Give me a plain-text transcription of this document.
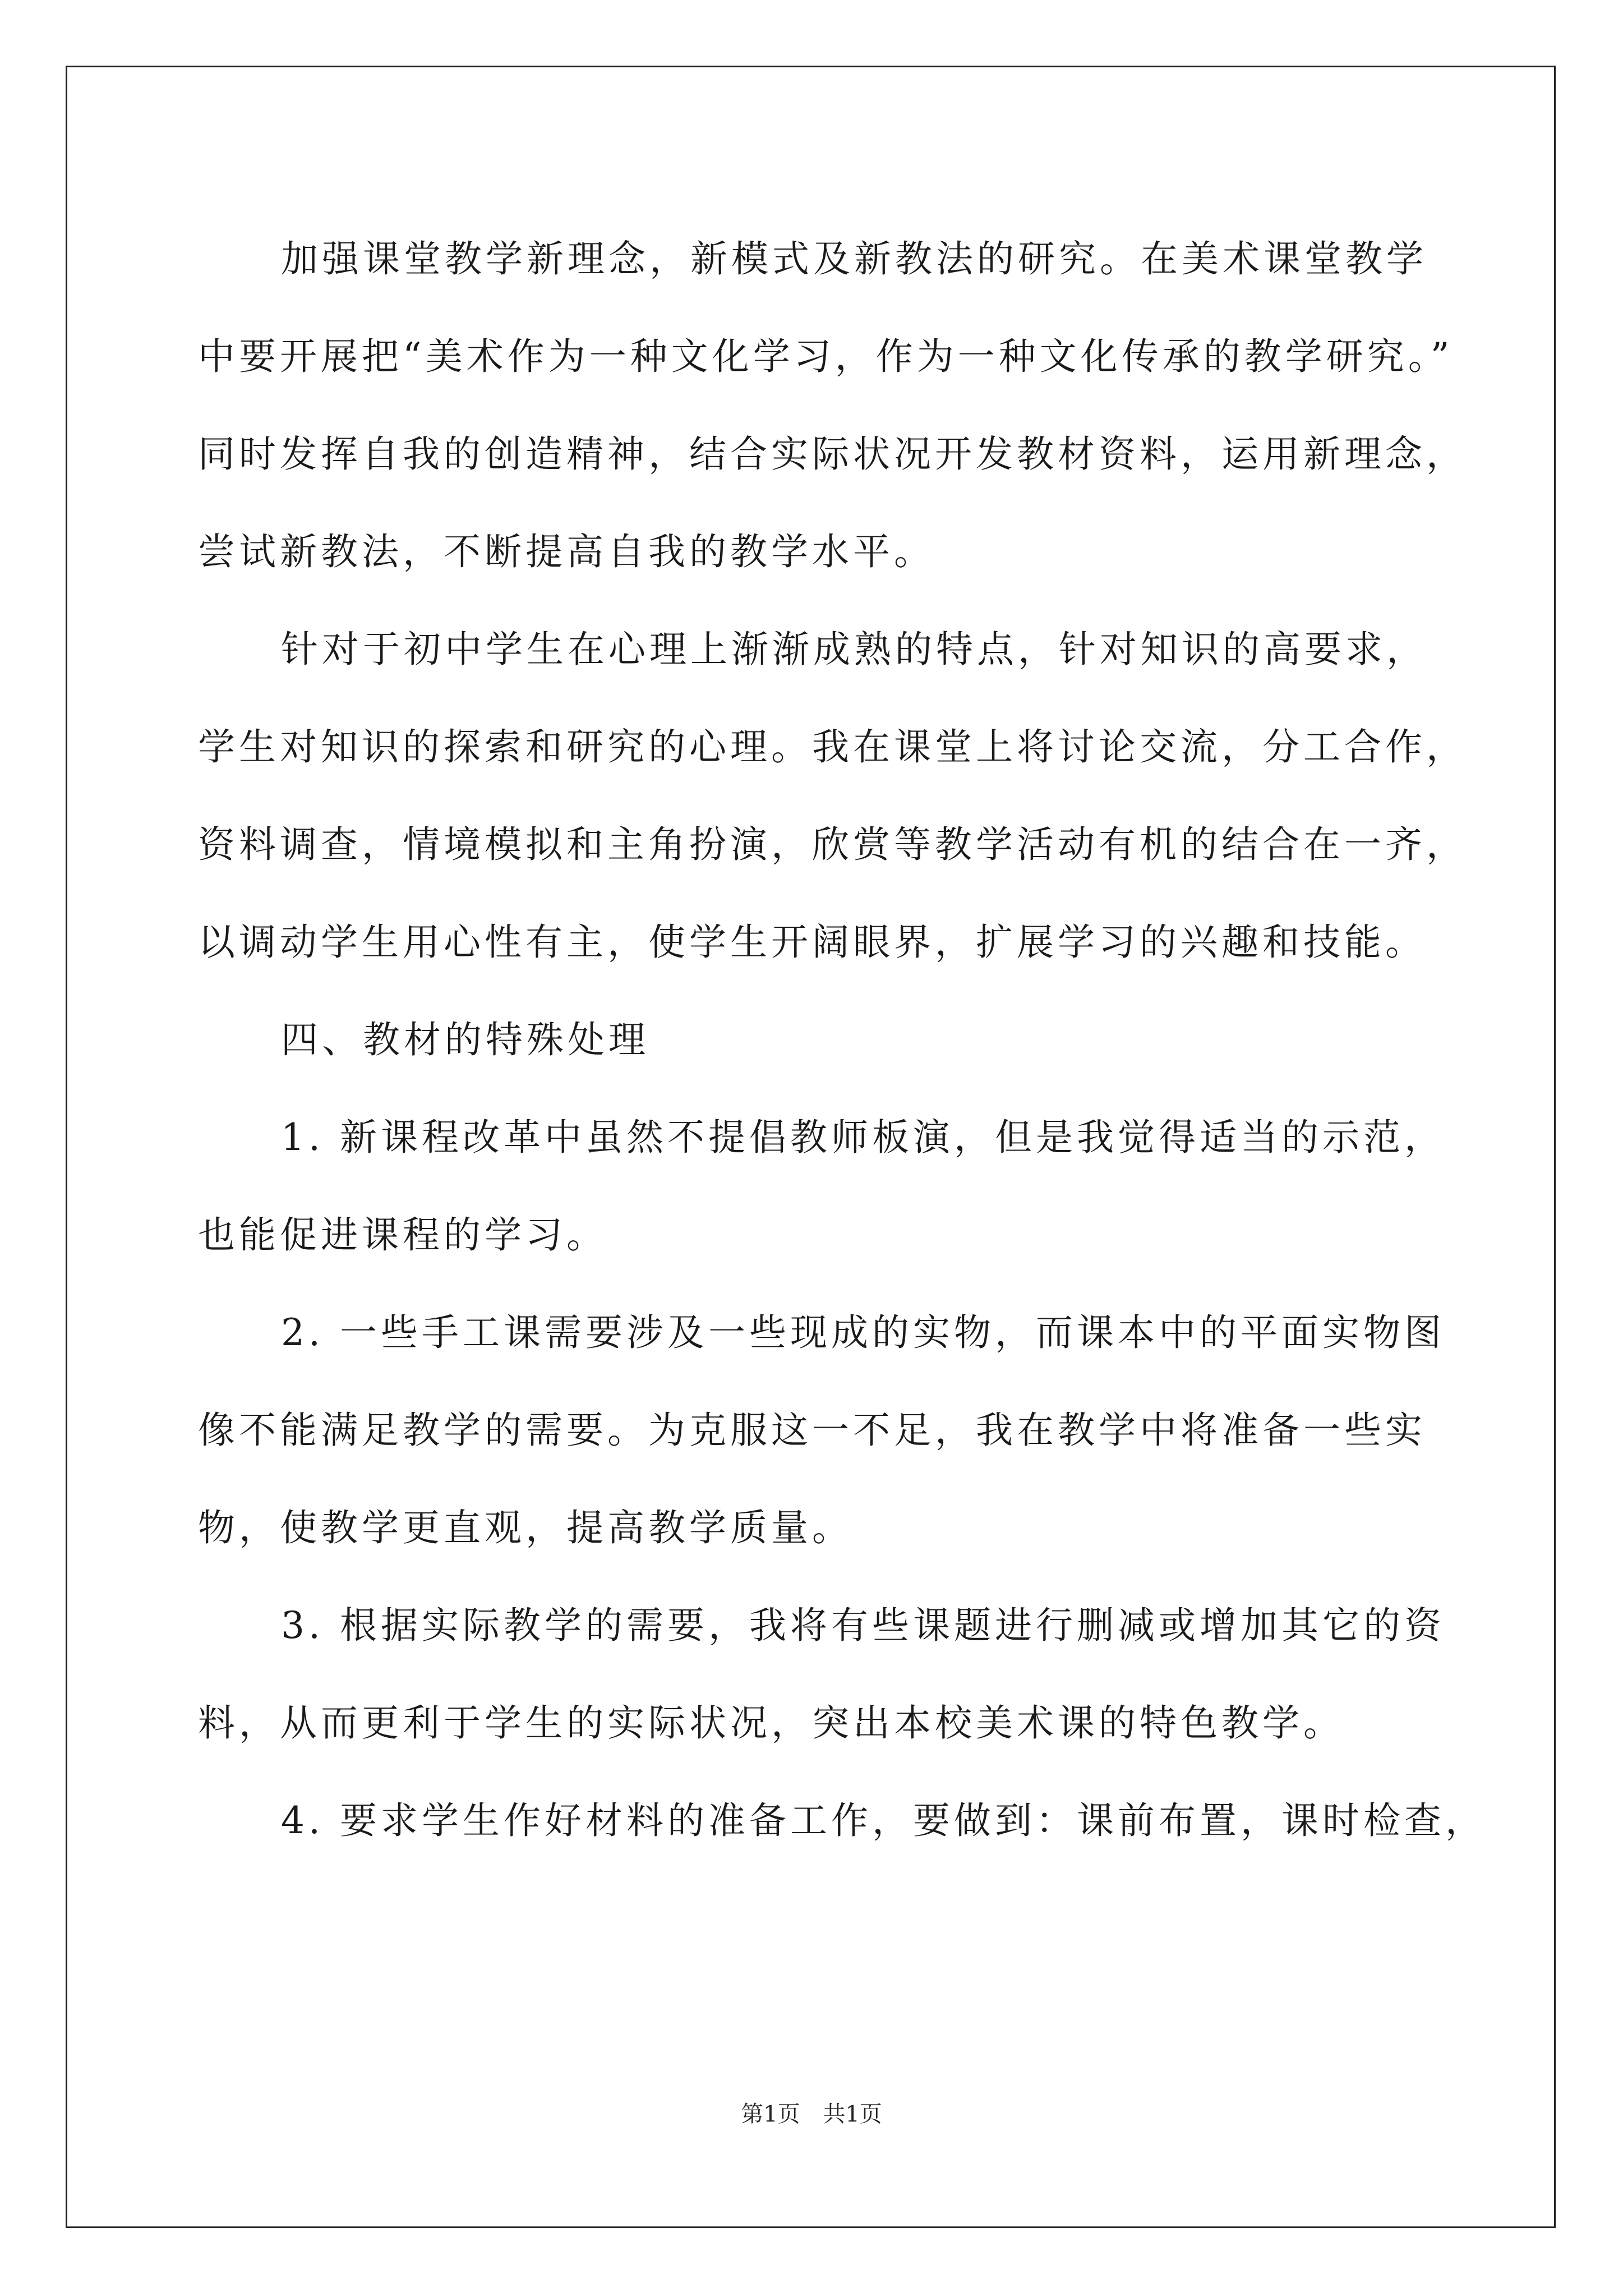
加强课堂教学新理念，新模式及新教法的研究。在美术课堂教学
中要开展把“美术作为一种文化学习，作为一种文化传承的教学研究。”
同时发挥自我的创造精神，结合实际状况开发教材资料，运用新理念，
尝试新教法，不断提高自我的教学水平。
针对于初中学生在心理上渐渐成熟的特点，针对知识的高要求，
学生对知识的探索和研究的心理。我在课堂上将讨论交流，分工合作，
资料调查，情境模拟和主角扮演，欣赏等教学活动有机的结合在一齐，
以调动学生用心性有主，使学生开阔眼界，扩展学习的兴趣和技能。
四、教材的特殊处理
1. 新课程改革中虽然不提倡教师板演，但是我觉得适当的示范，
也能促进课程的学习。
2. 一些手工课需要涉及一些现成的实物，而课本中的平面实物图
像不能满足教学的需要。为克服这一不足，我在教学中将准备一些实
物，使教学更直观，提高教学质量。
3. 根据实际教学的需要，我将有些课题进行删减或增加其它的资
料，从而更利于学生的实际状况，突出本校美术课的特色教学。
4. 要求学生作好材料的准备工作，要做到：课前布置，课时检查，
第1页 共1页
